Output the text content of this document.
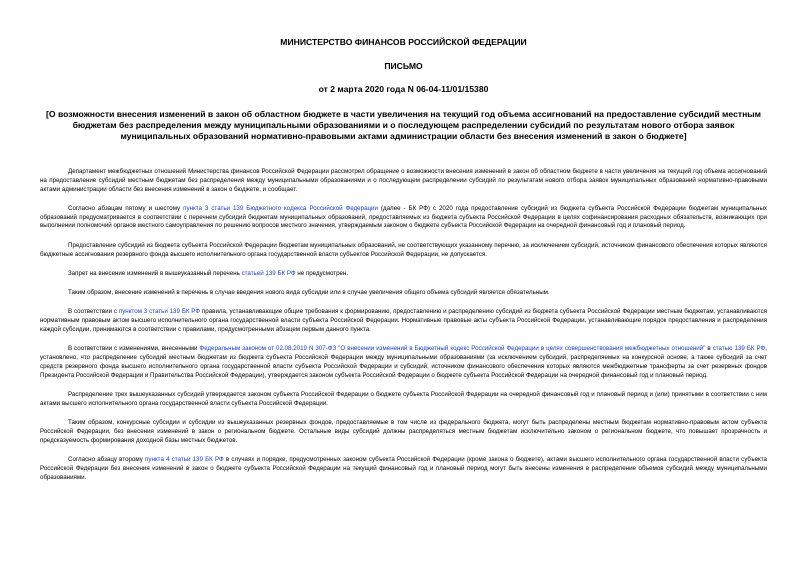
МИНИСТЕРСТВО ФИНАНСОВ РОССИЙСКОЙ ФЕДЕРАЦИИ
ПИСЬМО
от 2 марта 2020 года N 06-04-11/01/15380
[О возможности внесения изменений в закон об областном бюджете в части увеличения на текущий год объема ассигнований на предоставление субсидий местным бюджетам без распределения между муниципальными образованиями и о последующем распределении субсидий по результатам нового отбора заявок муниципальных образований нормативно-правовыми актами администрации области без внесения изменений в закон о бюджете]

Департамент межбюджетных отношений Министерства финансов Российской Федерации рассмотрел обращение о возможности внесения изменений в закон об областном бюджете в части увеличения на текущий год объема ассигнований на предоставление субсидий местным бюджетам без распределения между муниципальными образованиями и о последующем распределении субсидий по результатам нового отбора заявок муниципальных образований нормативно-правовыми актами администрации области без внесения изменений в закон о бюджете, и сообщает.

Согласно абзацам пятому и шестому пункта 3 статьи 139 Бюджетного кодекса Российской Федерации (далее - БК РФ) с 2020 года предоставление субсидий из бюджета субъекта Российской Федерации бюджетам муниципальных образований предусматривается в соответствии с перечнем субсидий бюджетам муниципальных образований, предоставляемых из бюджета субъекта Российской Федерации в целях софинансирования расходных обязательств, возникающих при выполнении полномочий органов местного самоуправления по решению вопросов местного значения, утверждаемым законом о бюджете субъекта Российской Федерации на очередной финансовый год и плановый период.

Предоставление субсидий из бюджета субъекта Российской Федерации бюджетам муниципальных образований, не соответствующих указанному перечню, за исключением субсидий, источником финансового обеспечения которых являются бюджетные ассигнования резервного фонда высшего исполнительного органа государственной власти субъектов Российской Федерации, не допускается.

Запрет на внесение изменений в вышеуказанный перечень статьей 139 БК РФ не предусмотрен.

Таким образом, внесение изменений в перечень в случае введения нового вида субсидии или в случае увеличения общего объема субсидий является обязательным.

В соответствии с пунктом 3 статьи 139 БК РФ правила, устанавливающие общие требования к формированию, предоставлению и распределению субсидий из бюджета субъекта Российской Федерации местным бюджетам, устанавливаются нормативным правовым актом высшего исполнительного органа государственной власти субъекта Российской Федерации. Нормативные правовые акты субъекта Российской Федерации, устанавливающие порядок предоставления и распределения каждой субсидии, принимаются в соответствии с правилами, предусмотренными абзацем первым данного пункта.

В соответствии с изменениями, внесенными Федеральным законом от 02.08.2019 N 307-ФЗ "О внесении изменений в Бюджетный кодекс Российской Федерации в целях совершенствования межбюджетных отношений" в статью 139 БК РФ, установлено, что распределение субсидий местным бюджетам из бюджета субъекта Российской Федерации между муниципальными образованиями (за исключением субсидий, распределяемых на конкурсной основе, а также субсидий за счет средств резервного фонда высшего исполнительного органа государственной власти субъекта Российской Федерации и субсидий, источником финансового обеспечения которых являются межбюджетные трансферты за счет резервных фондов Президента Российской Федерации и Правительства Российской Федерации), утверждается законом субъекта Российской Федерации о бюджете субъекта Российской Федерации на очередной финансовый год и плановый период.

Распределение трех вышеуказанных субсидий утверждается законом субъекта Российской Федерации о бюджете субъекта Российской Федерации на очередной финансовый год и плановый период и (или) принятыми в соответствии с ним актами высшего исполнительного органа государственной власти субъекта Российской Федерации.

Таким образом, конкурсные субсидии и субсидии из вышеуказанных резервных фондов, предоставляемые в том числе из федерального бюджета, могут быть распределены местным бюджетам нормативно-правовым актом субъекта Российской Федерации, без внесения изменений в закон о региональном бюджете. Остальные виды субсидий должны распределяться местным бюджетам исключительно законом о региональном бюджете, что повышает прозрачность и предсказуемость формирования доходной базы местных бюджетов.

Согласно абзацу второму пункта 4 статьи 139 БК РФ в случаях и порядке, предусмотренных законом субъекта Российской Федерации (кроме закона о бюджете), актами высшего исполнительного органа государственной власти субъекта Российской Федерации без внесения изменений в закон о бюджете субъекта Российской Федерации на текущий финансовый год и плановый период могут быть внесены изменения в распределение объемов субсидий между муниципальными образованиями.
